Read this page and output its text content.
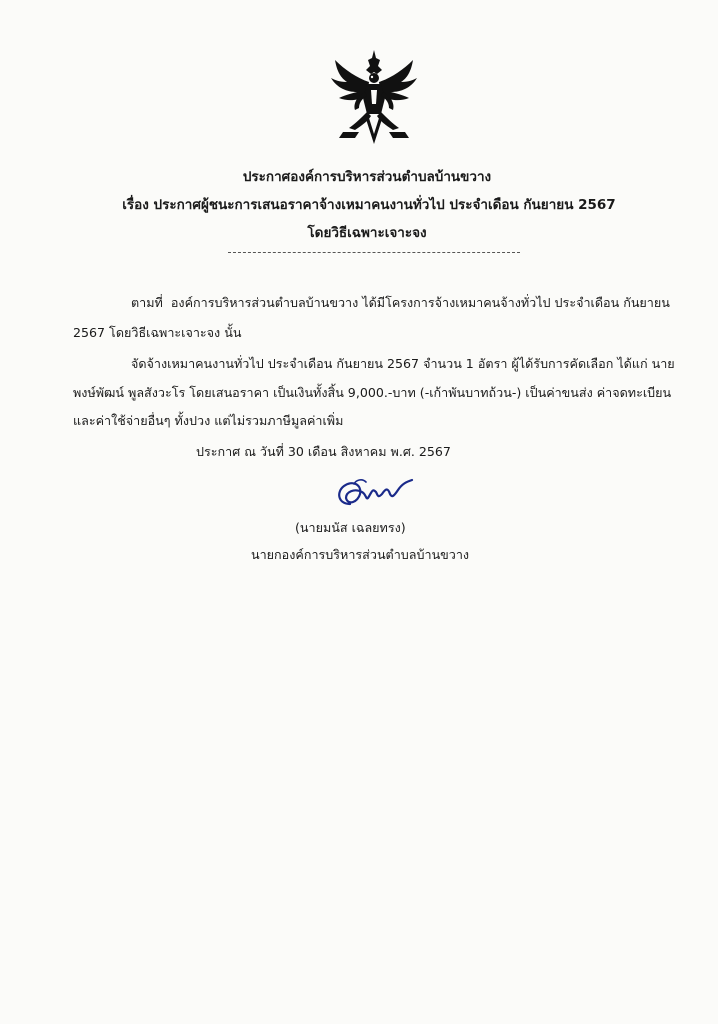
ประกาศองค์การบริหารส่วนตำบลบ้านขวาง
เรื่อง ประกาศผู้ชนะการเสนอราคาจ้างเหมาคนงานทั่วไป ประจำเดือน กันยายน 2567
โดยวิธีเฉพาะเจาะจง
ตามที่ องค์การบริหารส่วนตำบลบ้านขวาง ได้มีโครงการจ้างเหมาคนจ้างทั่วไป ประจำเดือน กันยายน
2567 โดยวิธีเฉพาะเจาะจง นั้น
จัดจ้างเหมาคนงานทั่วไป ประจำเดือน กันยายน 2567 จำนวน 1 อัตรา ผู้ได้รับการคัดเลือก ได้แก่ นาย
พงษ์พัฒน์ พูลสังวะโร โดยเสนอราคา เป็นเงินทั้งสิ้น 9,000.-บาท (-เก้าพันบาทถ้วน-) เป็นค่าขนส่ง ค่าจดทะเบียน
และค่าใช้จ่ายอื่นๆ ทั้งปวง แต่ไม่รวมภาษีมูลค่าเพิ่ม
ประกาศ ณ วันที่ 30 เดือน สิงหาคม พ.ศ. 2567
(นายมนัส เฉลยทรง)
นายกองค์การบริหารส่วนตำบลบ้านขวาง
